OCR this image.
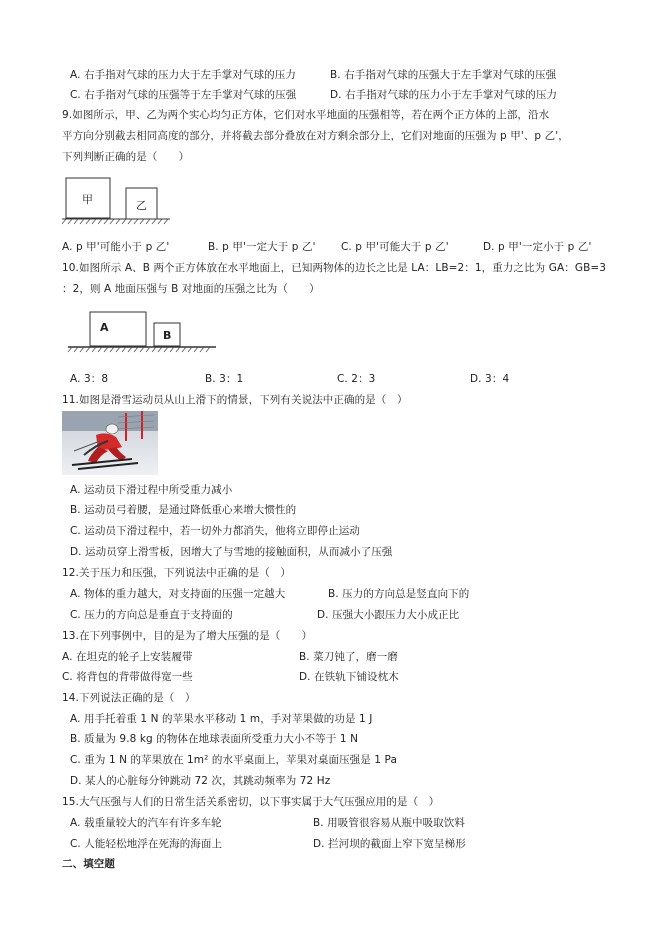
A. 右手指对气球的压力大于左手掌对气球的压力	B. 右手指对气球的压强大于左手掌对气球的压强
C. 右手指对气球的压强等于左手掌对气球的压强	D. 右手指对气球的压力小于左手掌对气球的压力
9.如图所示，甲、乙为两个实心均匀正方体，它们对水平地面的压强相等，若在两个正方体的上部，沿水
平方向分别截去相同高度的部分，并将截去部分叠放在对方剩余部分上，它们对地面的压强为 p 甲'、p 乙'，
下列判断正确的是（　　）
甲	乙
A. p 甲'可能小于 p 乙'	B. p 甲'一定大于 p 乙' C. p 甲'可能大于 p 乙'	D. p 甲'一定小于 p 乙'
10.如图所示 A、B 两个正方体放在水平地面上，已知两物体的边长之比是 LA：LB=2：1，重力之比为 GA：GB=3
：2，则 A 地面压强与 B 对地面的压强之比为（　　）
A
B
A. 3：8	B. 3：1	C. 2：3	D. 3：4
11.如图是滑雪运动员从山上滑下的情景，下列有关说法中正确的是（　）
A. 运动员下滑过程中所受重力减小
B. 运动员弓着腰，是通过降低重心来增大惯性的
C. 运动员下滑过程中，若一切外力都消失，他将立即停止运动
D. 运动员穿上滑雪板，因增大了与雪地的接触面积，从而减小了压强
12.关于压力和压强，下列说法中正确的是（　）
A. 物体的重力越大，对支持面的压强一定越大	B. 压力的方向总是竖直向下的
C. 压力的方向总是垂直于支持面的	D. 压强大小跟压力大小成正比
13.在下列事例中，目的是为了增大压强的是（　　）
A. 在坦克的轮子上安装履带	B. 菜刀钝了，磨一磨
C. 将背包的背带做得宽一些	D. 在铁轨下铺设枕木
14.下列说法正确的是（　）
A. 用手托着重 1 N 的苹果水平移动 1 m，手对苹果做的功是 1 J
B. 质量为 9.8 kg 的物体在地球表面所受重力大小不等于 1 N
C. 重为 1 N 的苹果放在 1m² 的水平桌面上，苹果对桌面压强是 1 Pa
D. 某人的心脏每分钟跳动 72 次，其跳动频率为 72 Hz
15.大气压强与人们的日常生活关系密切，以下事实属于大气压强应用的是（　）
A. 载重量较大的汽车有许多车轮	B. 用吸管很容易从瓶中吸取饮料
C. 人能轻松地浮在死海的海面上	D. 拦河坝的截面上窄下宽呈梯形
二、填空题
